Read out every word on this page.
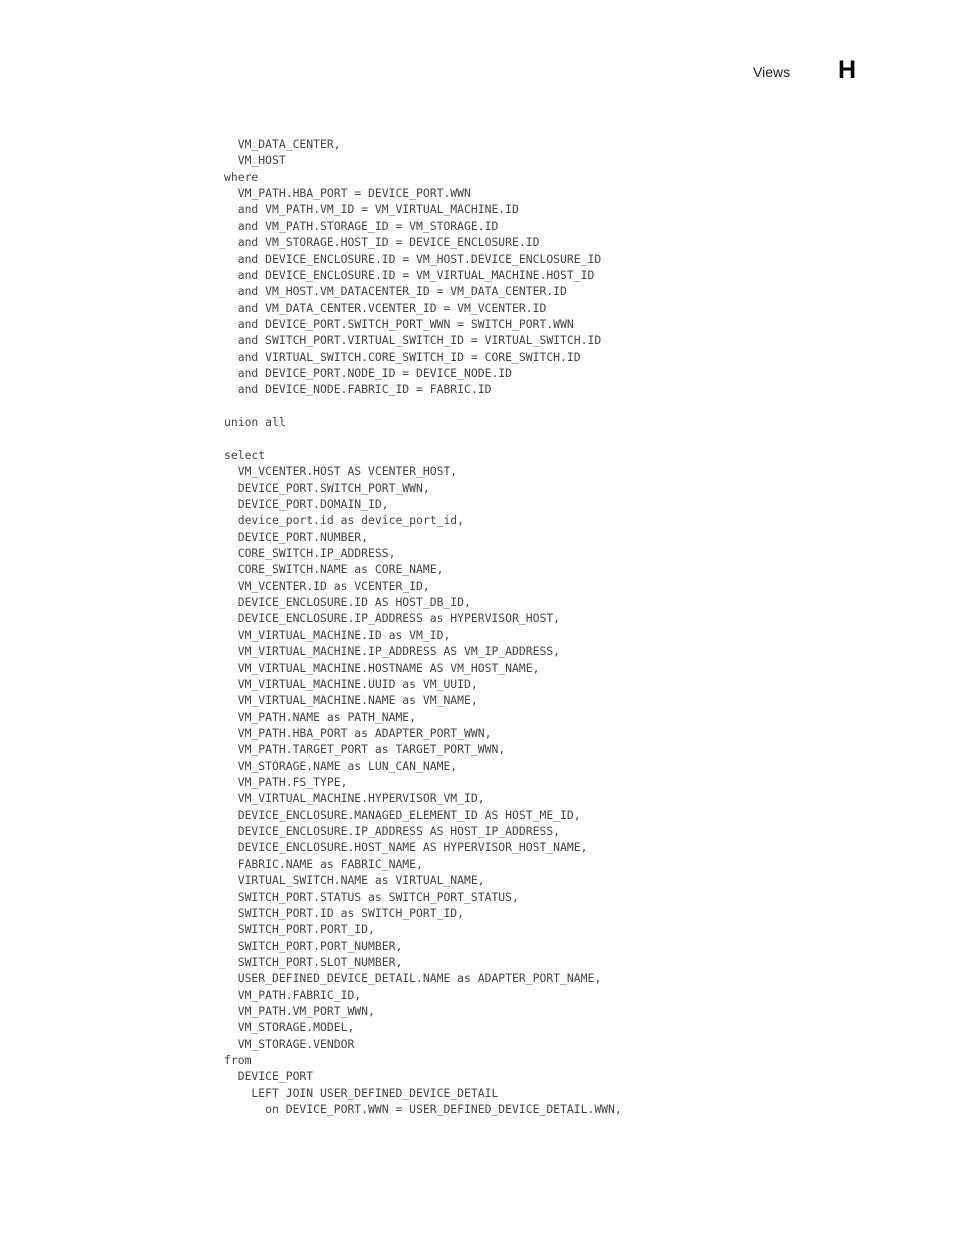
Views H
VM_DATA_CENTER,
VM_HOST
where
VM_PATH.HBA_PORT = DEVICE_PORT.WWN
and VM_PATH.VM_ID = VM_VIRTUAL_MACHINE.ID
and VM_PATH.STORAGE_ID = VM_STORAGE.ID
and VM_STORAGE.HOST_ID = DEVICE_ENCLOSURE.ID
and DEVICE_ENCLOSURE.ID = VM_HOST.DEVICE_ENCLOSURE_ID
and DEVICE_ENCLOSURE.ID = VM_VIRTUAL_MACHINE.HOST_ID
and VM_HOST.VM_DATACENTER_ID = VM_DATA_CENTER.ID
and VM_DATA_CENTER.VCENTER_ID = VM_VCENTER.ID
and DEVICE_PORT.SWITCH_PORT_WWN = SWITCH_PORT.WWN
and SWITCH_PORT.VIRTUAL_SWITCH_ID = VIRTUAL_SWITCH.ID
and VIRTUAL_SWITCH.CORE_SWITCH_ID = CORE_SWITCH.ID
and DEVICE_PORT.NODE_ID = DEVICE_NODE.ID
and DEVICE_NODE.FABRIC_ID = FABRIC.ID
union all
select
VM_VCENTER.HOST AS VCENTER_HOST,
DEVICE_PORT.SWITCH_PORT_WWN,
DEVICE_PORT.DOMAIN_ID,
device_port.id as device_port_id,
DEVICE_PORT.NUMBER,
CORE_SWITCH.IP_ADDRESS,
CORE_SWITCH.NAME as CORE_NAME,
VM_VCENTER.ID as VCENTER_ID,
DEVICE_ENCLOSURE.ID AS HOST_DB_ID,
DEVICE_ENCLOSURE.IP_ADDRESS as HYPERVISOR_HOST,
VM_VIRTUAL_MACHINE.ID as VM_ID,
VM_VIRTUAL_MACHINE.IP_ADDRESS AS VM_IP_ADDRESS,
VM_VIRTUAL_MACHINE.HOSTNAME AS VM_HOST_NAME,
VM_VIRTUAL_MACHINE.UUID as VM_UUID,
VM_VIRTUAL_MACHINE.NAME as VM_NAME,
VM_PATH.NAME as PATH_NAME,
VM_PATH.HBA_PORT as ADAPTER_PORT_WWN,
VM_PATH.TARGET_PORT as TARGET_PORT_WWN,
VM_STORAGE.NAME as LUN_CAN_NAME,
VM_PATH.FS_TYPE,
VM_VIRTUAL_MACHINE.HYPERVISOR_VM_ID,
DEVICE_ENCLOSURE.MANAGED_ELEMENT_ID AS HOST_ME_ID,
DEVICE_ENCLOSURE.IP_ADDRESS AS HOST_IP_ADDRESS,
DEVICE_ENCLOSURE.HOST_NAME AS HYPERVISOR_HOST_NAME,
FABRIC.NAME as FABRIC_NAME,
VIRTUAL_SWITCH.NAME as VIRTUAL_NAME,
SWITCH_PORT.STATUS as SWITCH_PORT_STATUS,
SWITCH_PORT.ID as SWITCH_PORT_ID,
SWITCH_PORT.PORT_ID,
SWITCH_PORT.PORT_NUMBER,
SWITCH_PORT.SLOT_NUMBER,
USER_DEFINED_DEVICE_DETAIL.NAME as ADAPTER_PORT_NAME,
VM_PATH.FABRIC_ID,
VM_PATH.VM_PORT_WWN,
VM_STORAGE.MODEL,
VM_STORAGE.VENDOR
from
DEVICE_PORT
LEFT JOIN USER_DEFINED_DEVICE_DETAIL
on DEVICE_PORT.WWN = USER_DEFINED_DEVICE_DETAIL.WWN,
